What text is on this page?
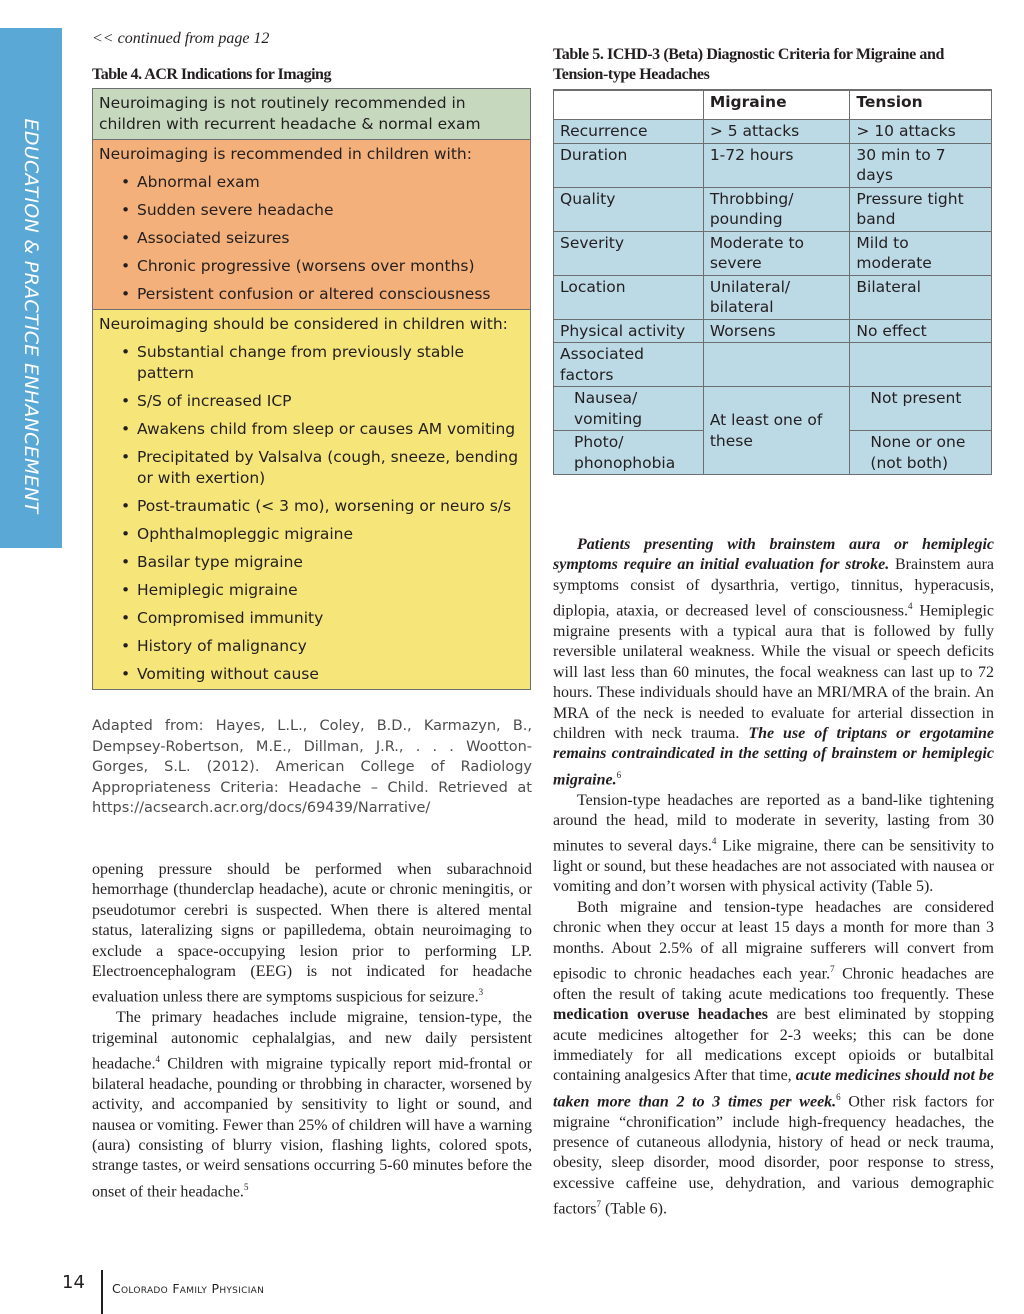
EDUCATION & PRACTICE ENHANCEMENT
<< continued from page 12
Table 4. ACR Indications for Imaging
Neuroimaging is not routinely recommended in children with recurrent headache & normal exam
Neuroimaging is recommended in children with:
• Abnormal exam
• Sudden severe headache
• Associated seizures
• Chronic progressive (worsens over months)
• Persistent confusion or altered consciousness
Neuroimaging should be considered in children with:
• Substantial change from previously stable pattern
• S/S of increased ICP
• Awakens child from sleep or causes AM vomiting
• Precipitated by Valsalva (cough, sneeze, bending or with exertion)
• Post-traumatic (< 3 mo), worsening or neuro s/s
• Ophthalmopleggic migraine
• Basilar type migraine
• Hemiplegic migraine
• Compromised immunity
• History of malignancy
• Vomiting without cause
Adapted from: Hayes, L.L., Coley, B.D., Karmazyn, B., Dempsey-Robertson, M.E., Dillman, J.R., . . . Wootton-Gorges, S.L. (2012). American College of Radiology Appropriateness Criteria: Headache – Child. Retrieved at https://acsearch.acr.org/docs/69439/Narrative/

opening pressure should be performed when subarachnoid hemorrhage (thunderclap headache), acute or chronic meningitis, or pseudotumor cerebri is suspected. When there is altered mental status, lateralizing signs or papilledema, obtain neuroimaging to exclude a space-occupying lesion prior to performing LP. Electroencephalogram (EEG) is not indicated for headache evaluation unless there are symptoms suspicious for seizure.$^3$

The primary headaches include migraine, tension-type, the trigeminal autonomic cephalalgias, and new daily persistent headache.$^4$ Children with migraine typically report mid-frontal or bilateral headache, pounding or throbbing in character, worsened by activity, and accompanied by sensitivity to light or sound, and nausea or vomiting. Fewer than 25% of children will have a warning (aura) consisting of blurry vision, flashing lights, colored spots, strange tastes, or weird sensations occurring 5-60 minutes before the onset of their headache.$^5$

Table 5. ICHD-3 (Beta) Diagnostic Criteria for Migraine and Tension-type Headaches
	Migraine	Tension
Recurrence	> 5 attacks	> 10 attacks
Duration	1-72 hours	30 min to 7 days
Quality	Throbbing/ pounding	Pressure tight band
Severity	Moderate to severe	Mild to moderate
Location	Unilateral/ bilateral	Bilateral
Physical activity	Worsens	No effect
Associated factors		
Nausea/ vomiting	At least one of these	Not present
Photo/ phonophobia		None or one (not both)

Patients presenting with brainstem aura or hemiplegic symptoms require an initial evaluation for stroke. Brainstem aura symptoms consist of dysarthria, vertigo, tinnitus, hyperacusis, diplopia, ataxia, or decreased level of consciousness.$^4$ Hemiplegic migraine presents with a typical aura that is followed by fully reversible unilateral weakness. While the visual or speech deficits will last less than 60 minutes, the focal weakness can last up to 72 hours. These individuals should have an MRI/MRA of the brain. An MRA of the neck is needed to evaluate for arterial dissection in children with neck trauma. The use of triptans or ergotamine remains contraindicated in the setting of brainstem or hemiplegic migraine.$^6$

Tension-type headaches are reported as a band-like tightening around the head, mild to moderate in severity, lasting from 30 minutes to several days.$^4$ Like migraine, there can be sensitivity to light or sound, but these headaches are not associated with nausea or vomiting and don’t worsen with physical activity (Table 5).

Both migraine and tension-type headaches are considered chronic when they occur at least 15 days a month for more than 3 months. About 2.5% of all migraine sufferers will convert from episodic to chronic headaches each year.$^7$ Chronic headaches are often the result of taking acute medications too frequently. These medication overuse headaches are best eliminated by stopping acute medicines altogether for 2-3 weeks; this can be done immediately for all medications except opioids or butalbital containing analgesics After that time, acute medicines should not be taken more than 2 to 3 times per week.$^6$ Other risk factors for migraine “chronification” include high-frequency headaches, the presence of cutaneous allodynia, history of head or neck trauma, obesity, sleep disorder, mood disorder, poor response to stress, excessive caffeine use, dehydration, and various demographic factors$^7$ (Table 6).

14 Colorado Family Physician
